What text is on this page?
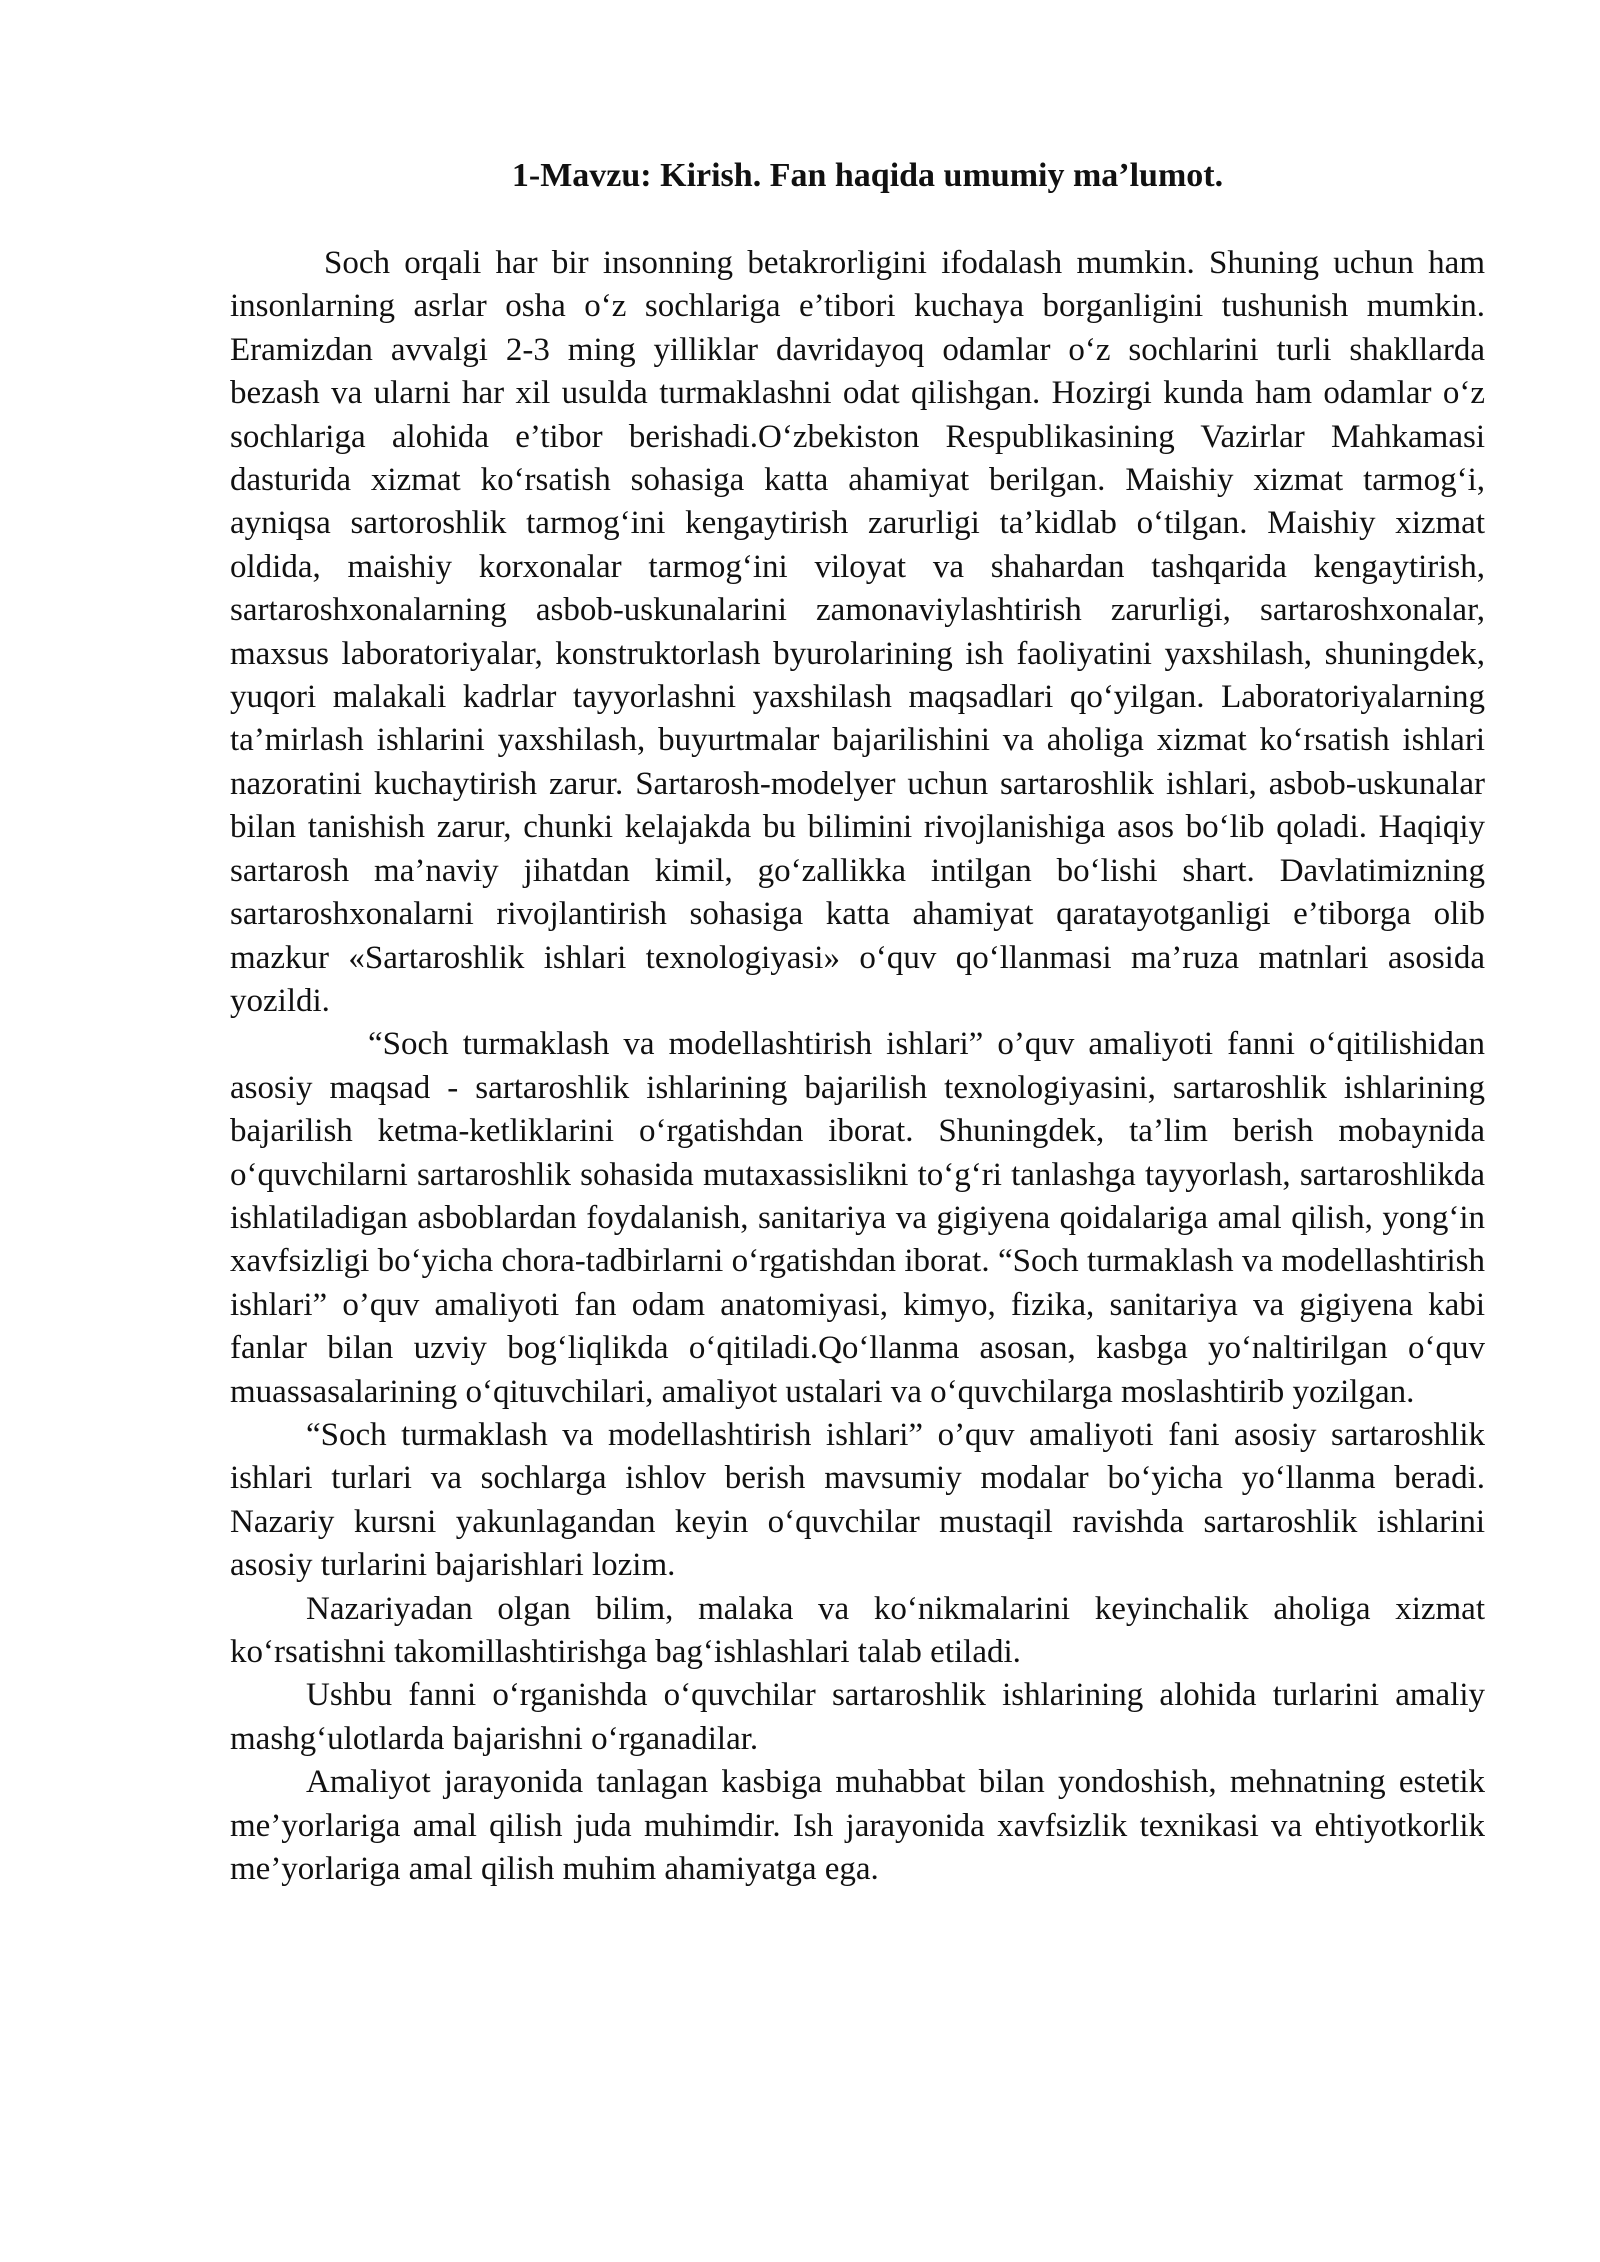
1-Mavzu: Kirish. Fan haqida umumiy ma’lumot.

Soch orqali har bir insonning betakrorligini ifodalash mumkin. Shuning uchun ham insonlarning asrlar osha o‘z sochlariga e’tibori kuchaya borganligini tushunish mumkin. Eramizdan avvalgi 2-3 ming yilliklar davridayoq odamlar o‘z sochlarini turli shakllarda bezash va ularni har xil usulda turmaklashni odat qilishgan. Hozirgi kunda ham odamlar o‘z sochlariga alohida e’tibor berishadi.O‘zbekiston Respublikasining Vazirlar Mahkamasi dasturida xizmat ko‘rsatish sohasiga katta ahamiyat berilgan. Maishiy xizmat tarmog‘i, ayniqsa sartoroshlik tarmog‘ini kengaytirish zarurligi ta’kidlab o‘tilgan. Maishiy xizmat oldida, maishiy korxonalar tarmog‘ini viloyat va shahardan tashqarida kengaytirish, sartaroshxonalarning asbob-uskunalarini zamonaviylashtirish zarurligi, sartaroshxonalar, maxsus laboratoriyalar, konstruktorlash byurolarining ish faoliyatini yaxshilash, shuningdek, yuqori malakali kadrlar tayyorlashni yaxshilash maqsadlari qo‘yilgan. Laboratoriyalarning ta’mirlash ishlarini yaxshilash, buyurtmalar bajarilishini va aholiga xizmat ko‘rsatish ishlari nazoratini kuchaytirish zarur. Sartarosh-modelyer uchun sartaroshlik ishlari, asbob-uskunalar bilan tanishish zarur, chunki kelajakda bu bilimini rivojlanishiga asos bo‘lib qoladi. Haqiqiy sartarosh ma’naviy jihatdan kimil, go‘zallikka intilgan bo‘lishi shart. Davlatimizning sartaroshxonalarni rivojlantirish sohasiga katta ahamiyat qaratayotganligi e’tiborga olib mazkur «Sartaroshlik ishlari texnologiyasi» o‘quv qo‘llanmasi ma’ruza matnlari asosida yozildi.

“Soch turmaklash va modellashtirish ishlari” o’quv amaliyoti fanni o‘qitilishidan asosiy maqsad - sartaroshlik ishlarining bajarilish texnologiyasini, sartaroshlik ishlarining bajarilish ketma-ketliklarini o‘rgatishdan iborat. Shuningdek, ta’lim berish mobaynida o‘quvchilarni sartaroshlik sohasida mutaxassislikni to‘g‘ri tanlashga tayyorlash, sartaroshlikda ishlatiladigan asboblardan foydalanish, sanitariya va gigiyena qoidalariga amal qilish, yong‘in xavfsizligi bo‘yicha chora-tadbirlarni o‘rgatishdan iborat. “Soch turmaklash va modellashtirish ishlari” o’quv amaliyoti fan odam anatomiyasi, kimyo, fizika, sanitariya va gigiyena kabi fanlar bilan uzviy bog‘liqlikda o‘qitiladi.Qo‘llanma asosan, kasbga yo‘naltirilgan o‘quv muassasalarining o‘qituvchilari, amaliyot ustalari va o‘quvchilarga moslashtirib yozilgan.

“Soch turmaklash va modellashtirish ishlari” o’quv amaliyoti fani asosiy sartaroshlik ishlari turlari va sochlarga ishlov berish mavsumiy modalar bo‘yicha yo‘llanma beradi. Nazariy kursni yakunlagandan keyin o‘quvchilar mustaqil ravishda sartaroshlik ishlarini asosiy turlarini bajarishlari lozim.

Nazariyadan olgan bilim, malaka va ko‘nikmalarini keyinchalik aholiga xizmat ko‘rsatishni takomillashtirishga bag‘ishlashlari talab etiladi.

Ushbu fanni o‘rganishda o‘quvchilar sartaroshlik ishlarining alohida turlarini amaliy mashg‘ulotlarda bajarishni o‘rganadilar.

Amaliyot jarayonida tanlagan kasbiga muhabbat bilan yondoshish, mehnatning estetik me’yorlariga amal qilish juda muhimdir. Ish jarayonida xavfsizlik texnikasi va ehtiyotkorlik me’yorlariga amal qilish muhim ahamiyatga ega.
